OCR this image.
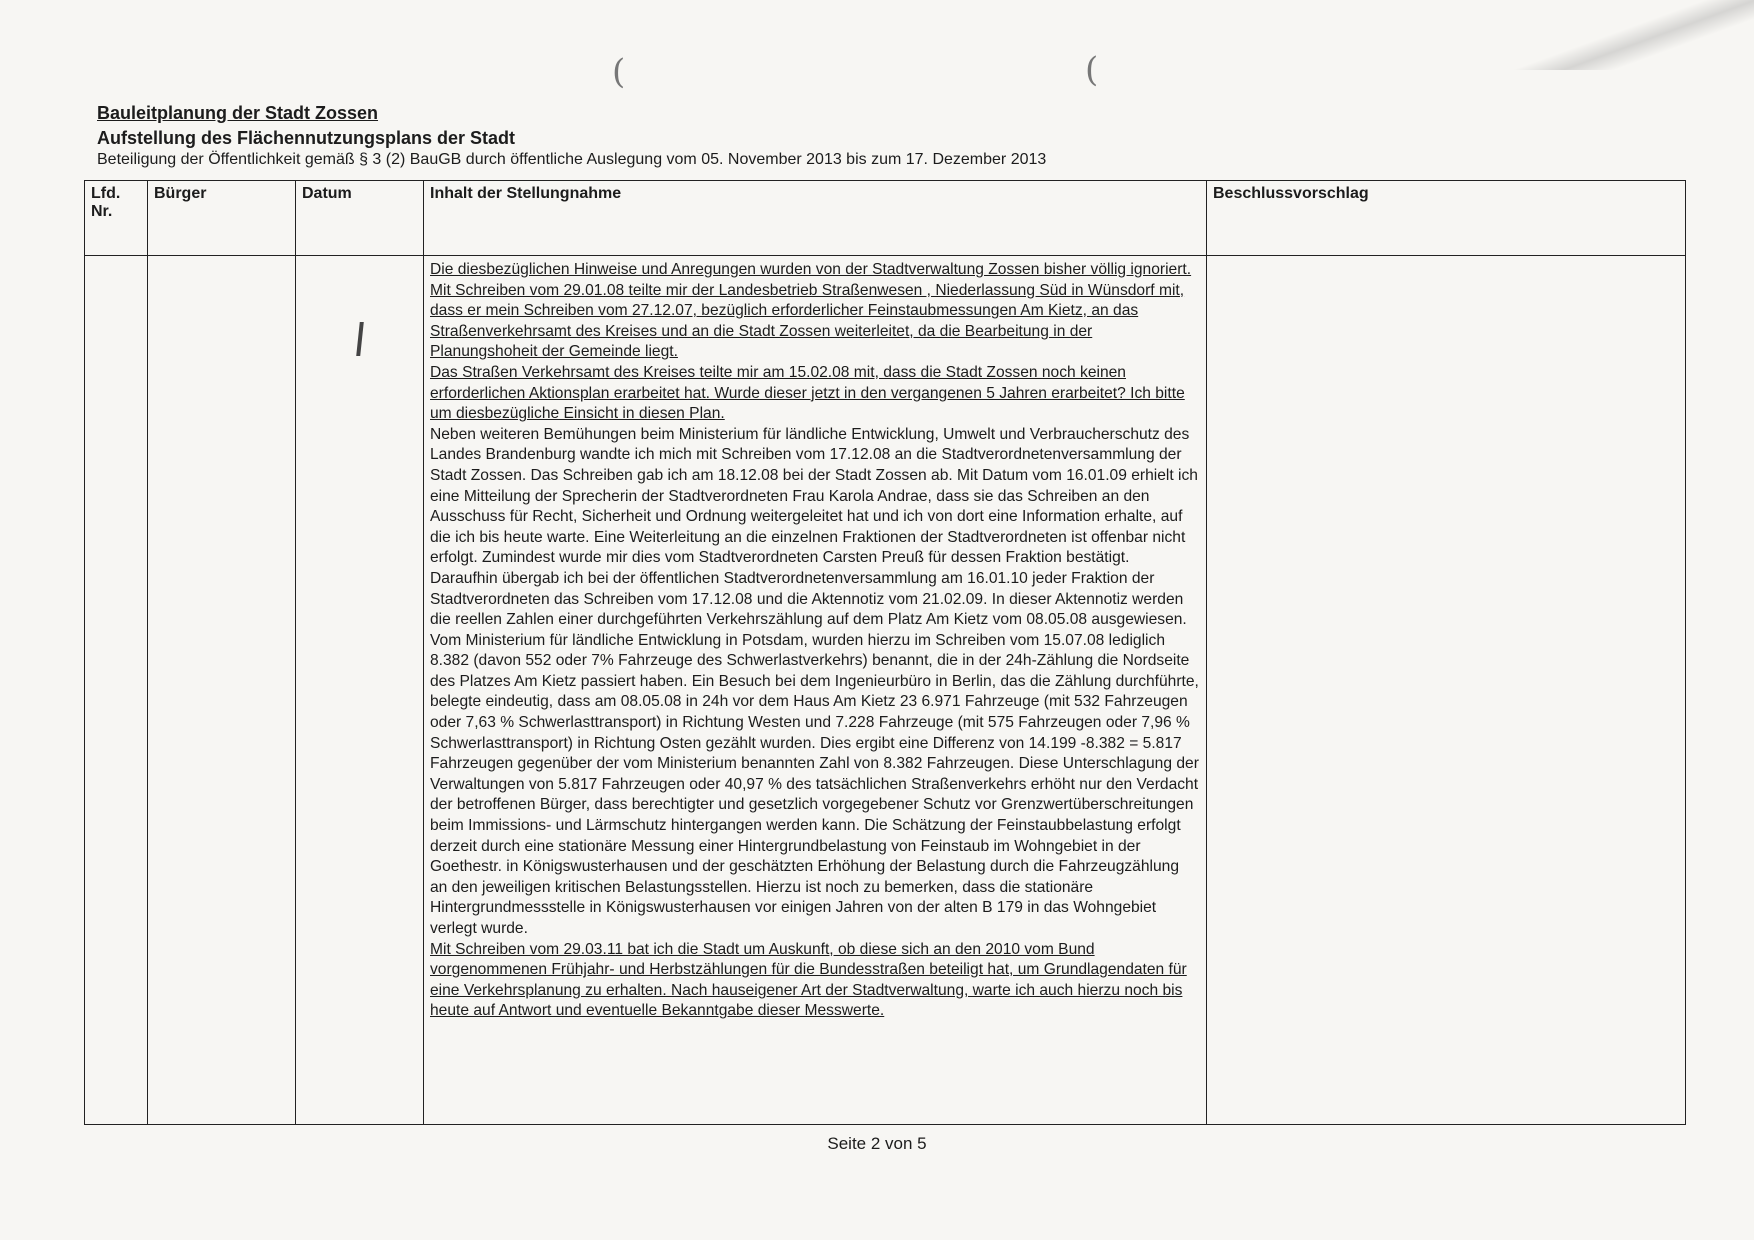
(	(
Bauleitplanung der Stadt Zossen
Aufstellung des Flächennutzungsplans der Stadt
Beteiligung der Öffentlichkeit gemäß § 3 (2) BauGB durch öffentliche Auslegung vom 05. November 2013 bis zum 17. Dezember 2013
Lfd. Nr.	Bürger	Datum	Inhalt der Stellungnahme	Beschlussvorschlag

			Die diesbezüglichen Hinweise und Anregungen wurden von der Stadtverwaltung Zossen bisher völlig ignoriert. Mit Schreiben vom 29.01.08 teilte mir der Landesbetrieb Straßenwesen , Niederlassung Süd in Wünsdorf mit, dass er mein Schreiben vom 27.12.07, bezüglich erforderlicher Feinstaubmessungen Am Kietz, an das Straßenverkehrsamt des Kreises und an die Stadt Zossen weiterleitet, da die Bearbeitung in der Planungshoheit der Gemeinde liegt.

Das Straßen Verkehrsamt des Kreises teilte mir am 15.02.08 mit, dass die Stadt Zossen noch keinen erforderlichen Aktionsplan erarbeitet hat. Wurde dieser jetzt in den vergangenen 5 Jahren erarbeitet? Ich bitte um diesbezügliche Einsicht in diesen Plan.

Neben weiteren Bemühungen beim Ministerium für ländliche Entwicklung, Umwelt und Verbraucherschutz des Landes Brandenburg wandte ich mich mit Schreiben vom 17.12.08 an die Stadtverordnetenversammlung der Stadt Zossen. Das Schreiben gab ich am 18.12.08 bei der Stadt Zossen ab. Mit Datum vom 16.01.09 erhielt ich eine Mitteilung der Sprecherin der Stadtverordneten Frau Karola Andrae, dass sie das Schreiben an den Ausschuss für Recht, Sicherheit und Ordnung weitergeleitet hat und ich von dort eine Information erhalte, auf die ich bis heute warte. Eine Weiterleitung an die einzelnen Fraktionen der Stadtverordneten ist offenbar nicht erfolgt. Zumindest wurde mir dies vom Stadtverordneten Carsten Preuß für dessen Fraktion bestätigt. Daraufhin übergab ich bei der öffentlichen Stadtverordnetenversammlung am 16.01.10 jeder Fraktion der Stadtverordneten das Schreiben vom 17.12.08 und die Aktennotiz vom 21.02.09. In dieser Aktennotiz werden die reellen Zahlen einer durchgeführten Verkehrszählung auf dem Platz Am Kietz vom 08.05.08 ausgewiesen. Vom Ministerium für ländliche Entwicklung in Potsdam, wurden hierzu im Schreiben vom 15.07.08 lediglich 8.382 (davon 552 oder 7% Fahrzeuge des Schwerlastverkehrs) benannt, die in der 24h-Zählung die Nordseite des Platzes Am Kietz passiert haben. Ein Besuch bei dem Ingenieurbüro in Berlin, das die Zählung durchführte, belegte eindeutig, dass am 08.05.08 in 24h vor dem Haus Am Kietz 23 6.971 Fahrzeuge (mit 532 Fahrzeugen oder 7,63 % Schwerlasttransport) in Richtung Westen und 7.228 Fahrzeuge (mit 575 Fahrzeugen oder 7,96 % Schwerlasttransport) in Richtung Osten gezählt wurden. Dies ergibt eine Differenz von 14.199 -8.382 = 5.817 Fahrzeugen gegenüber der vom Ministerium benannten Zahl von 8.382 Fahrzeugen. Diese Unterschlagung der Verwaltungen von 5.817 Fahrzeugen oder 40,97 % des tatsächlichen Straßenverkehrs erhöht nur den Verdacht der betroffenen Bürger, dass berechtigter und gesetzlich vorgegebener Schutz vor Grenzwertüberschreitungen beim Immissions- und Lärmschutz hintergangen werden kann. Die Schätzung der Feinstaubbelastung erfolgt derzeit durch eine stationäre Messung einer Hintergrundbelastung von Feinstaub im Wohngebiet in der Goethestr. in Königswusterhausen und der geschätzten Erhöhung der Belastung durch die Fahrzeugzählung an den jeweiligen kritischen Belastungsstellen. Hierzu ist noch zu bemerken, dass die stationäre Hintergrundmessstelle in Königswusterhausen vor einigen Jahren von der alten B 179 in das Wohngebiet verlegt wurde.

Mit Schreiben vom 29.03.11 bat ich die Stadt um Auskunft, ob diese sich an den 2010 vom Bund vorgenommenen Frühjahr- und Herbstzählungen für die Bundesstraßen beteiligt hat, um Grundlagendaten für eine Verkehrsplanung zu erhalten. Nach hauseigener Art der Stadtverwaltung, warte ich auch hierzu noch bis heute auf Antwort und eventuelle Bekanntgabe dieser Messwerte.	

Seite 2 von 5
